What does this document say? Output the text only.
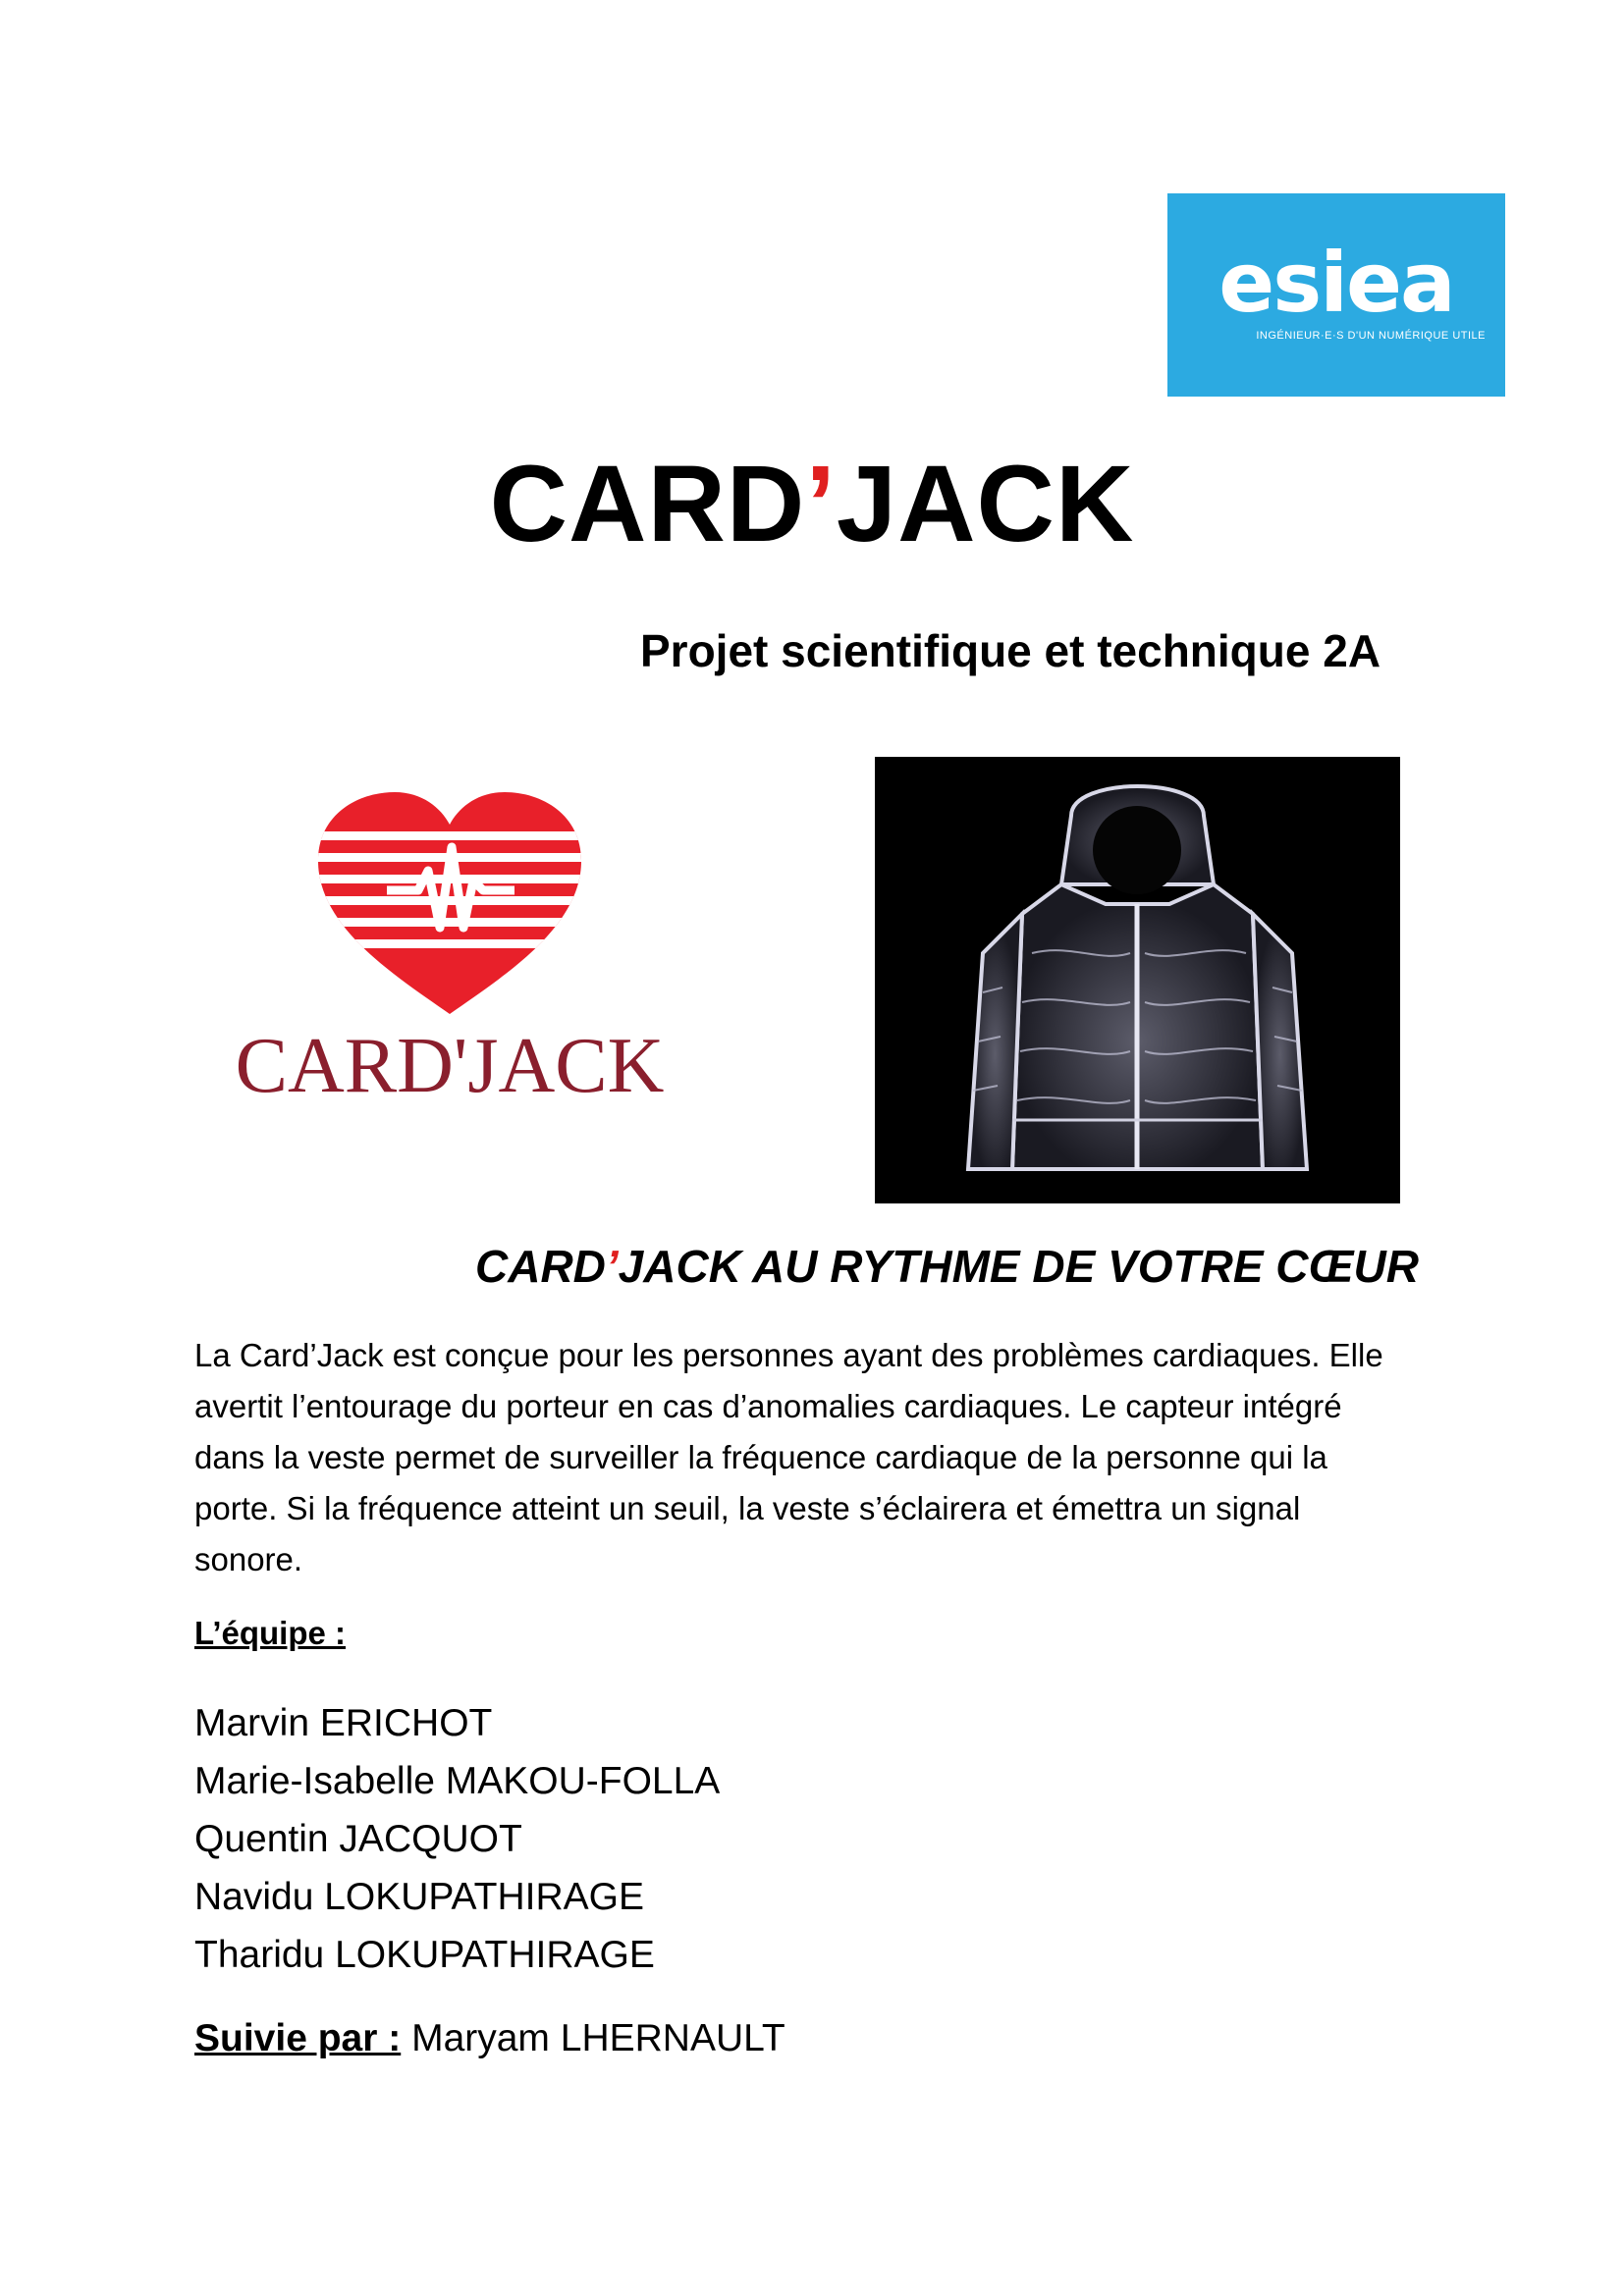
esiea
INGÉNIEUR·E·S D'UN NUMÉRIQUE UTILE
CARD’JACK
Projet scientifique et technique 2A
CARD'JACK
CARD’JACK AU RYTHME DE VOTRE CŒUR
La Card’Jack est conçue pour les personnes ayant des problèmes cardiaques. Elle avertit l’entourage du porteur en cas d’anomalies cardiaques. Le capteur intégré dans la veste permet de surveiller la fréquence cardiaque de la personne qui la porte. Si la fréquence atteint un seuil, la veste s’éclairera et émettra un signal sonore.
L’équipe :
Marvin ERICHOT
Marie-Isabelle MAKOU-FOLLA
Quentin JACQUOT
Navidu LOKUPATHIRAGE
Tharidu LOKUPATHIRAGE
Suivie par : Maryam LHERNAULT
